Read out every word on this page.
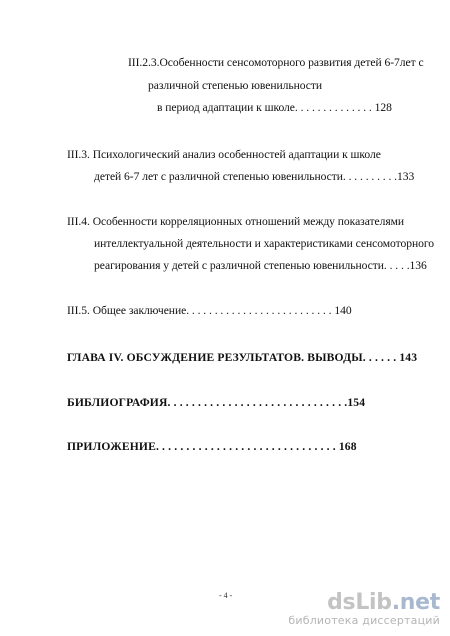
III.2.3.Особенности сенсомоторного развития детей 6-7лет с
различной степенью ювенильности
в период адаптации к школе. . . . . . . . . . . . . . 128
III.3. Психологический анализ особенностей адаптации к школе
детей 6-7 лет с различной степенью ювенильности. . . . . . . . . .133
III.4. Особенности корреляционных отношений между показателями
интеллектуальной деятельности и характеристиками сенсомоторного
реагирования у детей с различной степенью ювенильности. . . . .136
III.5. Общее заключение. . . . . . . . . . . . . . . . . . . . . . . . . . 140
ГЛАВА IV. ОБСУЖДЕНИЕ РЕЗУЛЬТАТОВ. ВЫВОДЫ. . . . . . 143
БИБЛИОГРАФИЯ. . . . . . . . . . . . . . . . . . . . . . . . . . . . . .154
ПРИЛОЖЕНИЕ. . . . . . . . . . . . . . . . . . . . . . . . . . . . . . 168
- 4 -	dsLib.net
библиотека диссертаций
